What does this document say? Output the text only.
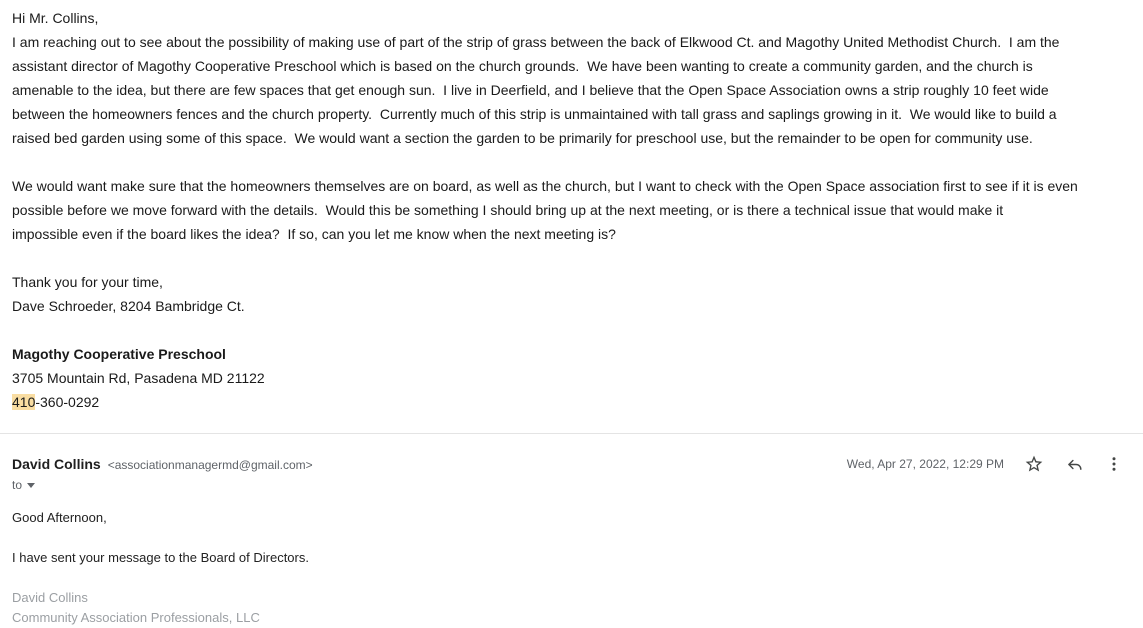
Hi Mr. Collins,
I am reaching out to see about the possibility of making use of part of the strip of grass between the back of Elkwood Ct. and Magothy United Methodist Church.  I am the
assistant director of Magothy Cooperative Preschool which is based on the church grounds.  We have been wanting to create a community garden, and the church is
amenable to the idea, but there are few spaces that get enough sun.  I live in Deerfield, and I believe that the Open Space Association owns a strip roughly 10 feet wide
between the homeowners fences and the church property.  Currently much of this strip is unmaintained with tall grass and saplings growing in it.  We would like to build a
raised bed garden using some of this space.  We would want a section the garden to be primarily for preschool use, but the remainder to be open for community use.
We would want make sure that the homeowners themselves are on board, as well as the church, but I want to check with the Open Space association first to see if it is even
possible before we move forward with the details.  Would this be something I should bring up at the next meeting, or is there a technical issue that would make it
impossible even if the board likes the idea?  If so, can you let me know when the next meeting is?
Thank you for your time,
Dave Schroeder, 8204 Bambridge Ct.
Magothy Cooperative Preschool
3705 Mountain Rd, Pasadena MD 21122
410-360-0292
David Collins <associationmanagermd@gmail.com>	Wed, Apr 27, 2022, 12:29 PM
to
Good Afternoon,
I have sent your message to the Board of Directors.
David Collins
Community Association Professionals, LLC
